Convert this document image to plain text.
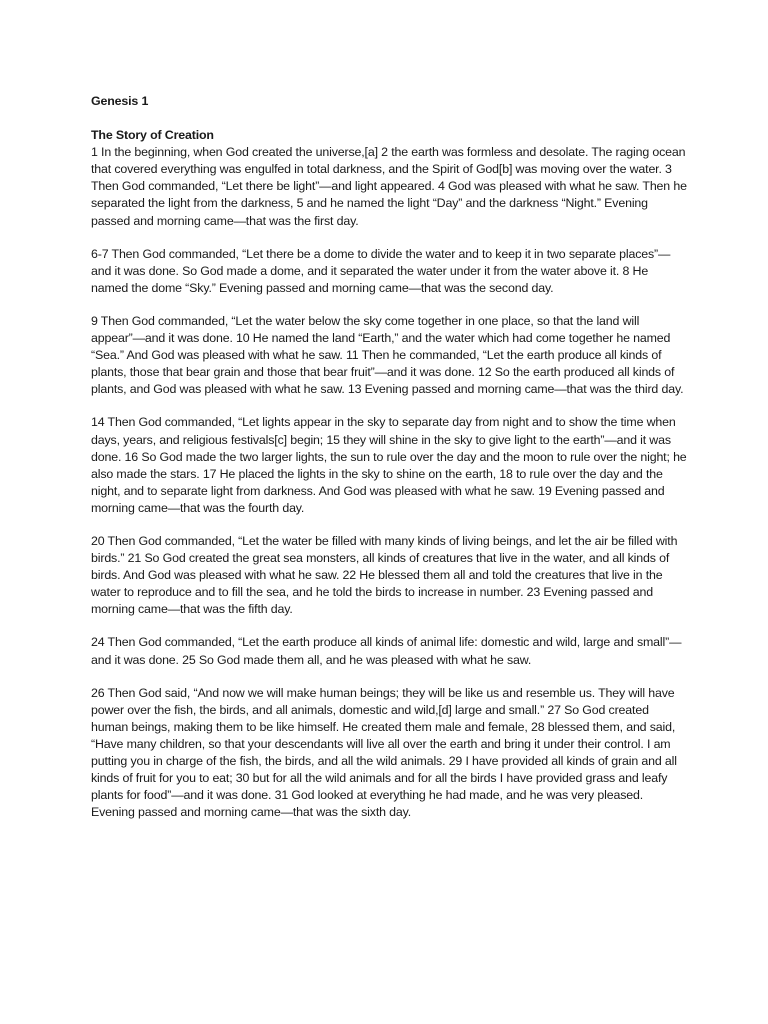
Genesis 1
The Story of Creation

1 In the beginning, when God created the universe,[a] 2 the earth was formless and desolate. The raging ocean that covered everything was engulfed in total darkness, and the Spirit of God[b] was moving over the water. 3 Then God commanded, “Let there be light”—and light appeared. 4 God was pleased with what he saw. Then he separated the light from the darkness, 5 and he named the light “Day” and the darkness “Night.” Evening passed and morning came—that was the first day.

6-7 Then God commanded, “Let there be a dome to divide the water and to keep it in two separate places”—and it was done. So God made a dome, and it separated the water under it from the water above it. 8 He named the dome “Sky.” Evening passed and morning came—that was the second day.

9 Then God commanded, “Let the water below the sky come together in one place, so that the land will appear”—and it was done. 10 He named the land “Earth,” and the water which had come together he named “Sea.” And God was pleased with what he saw. 11 Then he commanded, “Let the earth produce all kinds of plants, those that bear grain and those that bear fruit”—and it was done. 12 So the earth produced all kinds of plants, and God was pleased with what he saw. 13 Evening passed and morning came—that was the third day.

14 Then God commanded, “Let lights appear in the sky to separate day from night and to show the time when days, years, and religious festivals[c] begin; 15 they will shine in the sky to give light to the earth”—and it was done. 16 So God made the two larger lights, the sun to rule over the day and the moon to rule over the night; he also made the stars. 17 He placed the lights in the sky to shine on the earth, 18 to rule over the day and the night, and to separate light from darkness. And God was pleased with what he saw. 19 Evening passed and morning came—that was the fourth day.

20 Then God commanded, “Let the water be filled with many kinds of living beings, and let the air be filled with birds.” 21 So God created the great sea monsters, all kinds of creatures that live in the water, and all kinds of birds. And God was pleased with what he saw. 22 He blessed them all and told the creatures that live in the water to reproduce and to fill the sea, and he told the birds to increase in number. 23 Evening passed and morning came—that was the fifth day.

24 Then God commanded, “Let the earth produce all kinds of animal life: domestic and wild, large and small”—and it was done. 25 So God made them all, and he was pleased with what he saw.

26 Then God said, “And now we will make human beings; they will be like us and resemble us. They will have power over the fish, the birds, and all animals, domestic and wild,[d] large and small.” 27 So God created human beings, making them to be like himself. He created them male and female, 28 blessed them, and said, “Have many children, so that your descendants will live all over the earth and bring it under their control. I am putting you in charge of the fish, the birds, and all the wild animals. 29 I have provided all kinds of grain and all kinds of fruit for you to eat; 30 but for all the wild animals and for all the birds I have provided grass and leafy plants for food”—and it was done. 31 God looked at everything he had made, and he was very pleased. Evening passed and morning came—that was the sixth day.
